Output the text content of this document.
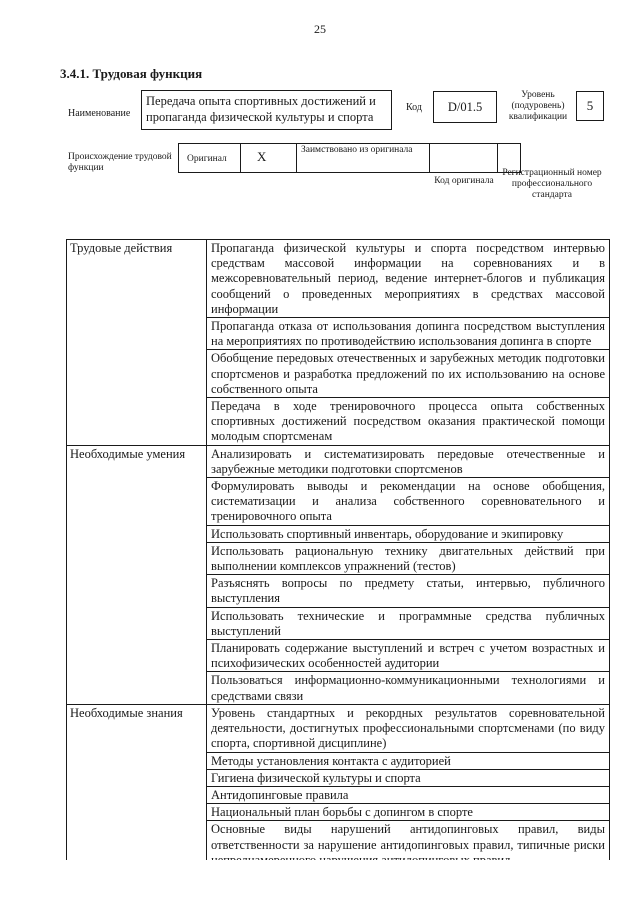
25
3.4.1. Трудовая функция
Наименование
Передача опыта спортивных достижений и пропаганда физической культуры и спорта
Код	D/01.5
Уровень (подуровень) квалификации
5
Происхождение трудовой функции
Оригинал X	Заимствовано из оригинала
Код оригинала
Регистрационный номер профессионального стандарта
Трудовые действия	Пропаганда физической культуры и спорта посредством интервью средствам массовой информации на соревнованиях и в межсоревновательный период, ведение интернет-блогов и публикация сообщений о проведенных мероприятиях в средствах массовой информации
	Пропаганда отказа от использования допинга посредством выступления на мероприятиях по противодействию использования допинга в спорте
	Обобщение передовых отечественных и зарубежных методик подготовки спортсменов и разработка предложений по их использованию на основе собственного опыта
	Передача в ходе тренировочного процесса опыта собственных спортивных достижений посредством оказания практической помощи молодым спортсменам
Необходимые умения	Анализировать и систематизировать передовые отечественные и зарубежные методики подготовки спортсменов
	Формулировать выводы и рекомендации на основе обобщения, систематизации и анализа собственного соревновательного и тренировочного опыта
	Использовать спортивный инвентарь, оборудование и экипировку
	Использовать рациональную технику двигательных действий при выполнении комплексов упражнений (тестов)
	Разъяснять вопросы по предмету статьи, интервью, публичного выступления
	Использовать технические и программные средства публичных выступлений
	Планировать содержание выступлений и встреч с учетом возрастных и психофизических особенностей аудитории
	Пользоваться информационно-коммуникационными технологиями и средствами связи
Необходимые знания	Уровень стандартных и рекордных результатов соревновательной деятельности, достигнутых профессиональными спортсменами (по виду спорта, спортивной дисциплине)
	Методы установления контакта с аудиторией
	Гигиена физической культуры и спорта
	Антидопинговые правила
	Национальный план борьбы с допингом в спорте
	Основные виды нарушений антидопинговых правил, виды ответственности за нарушение антидопинговых правил, типичные риски
